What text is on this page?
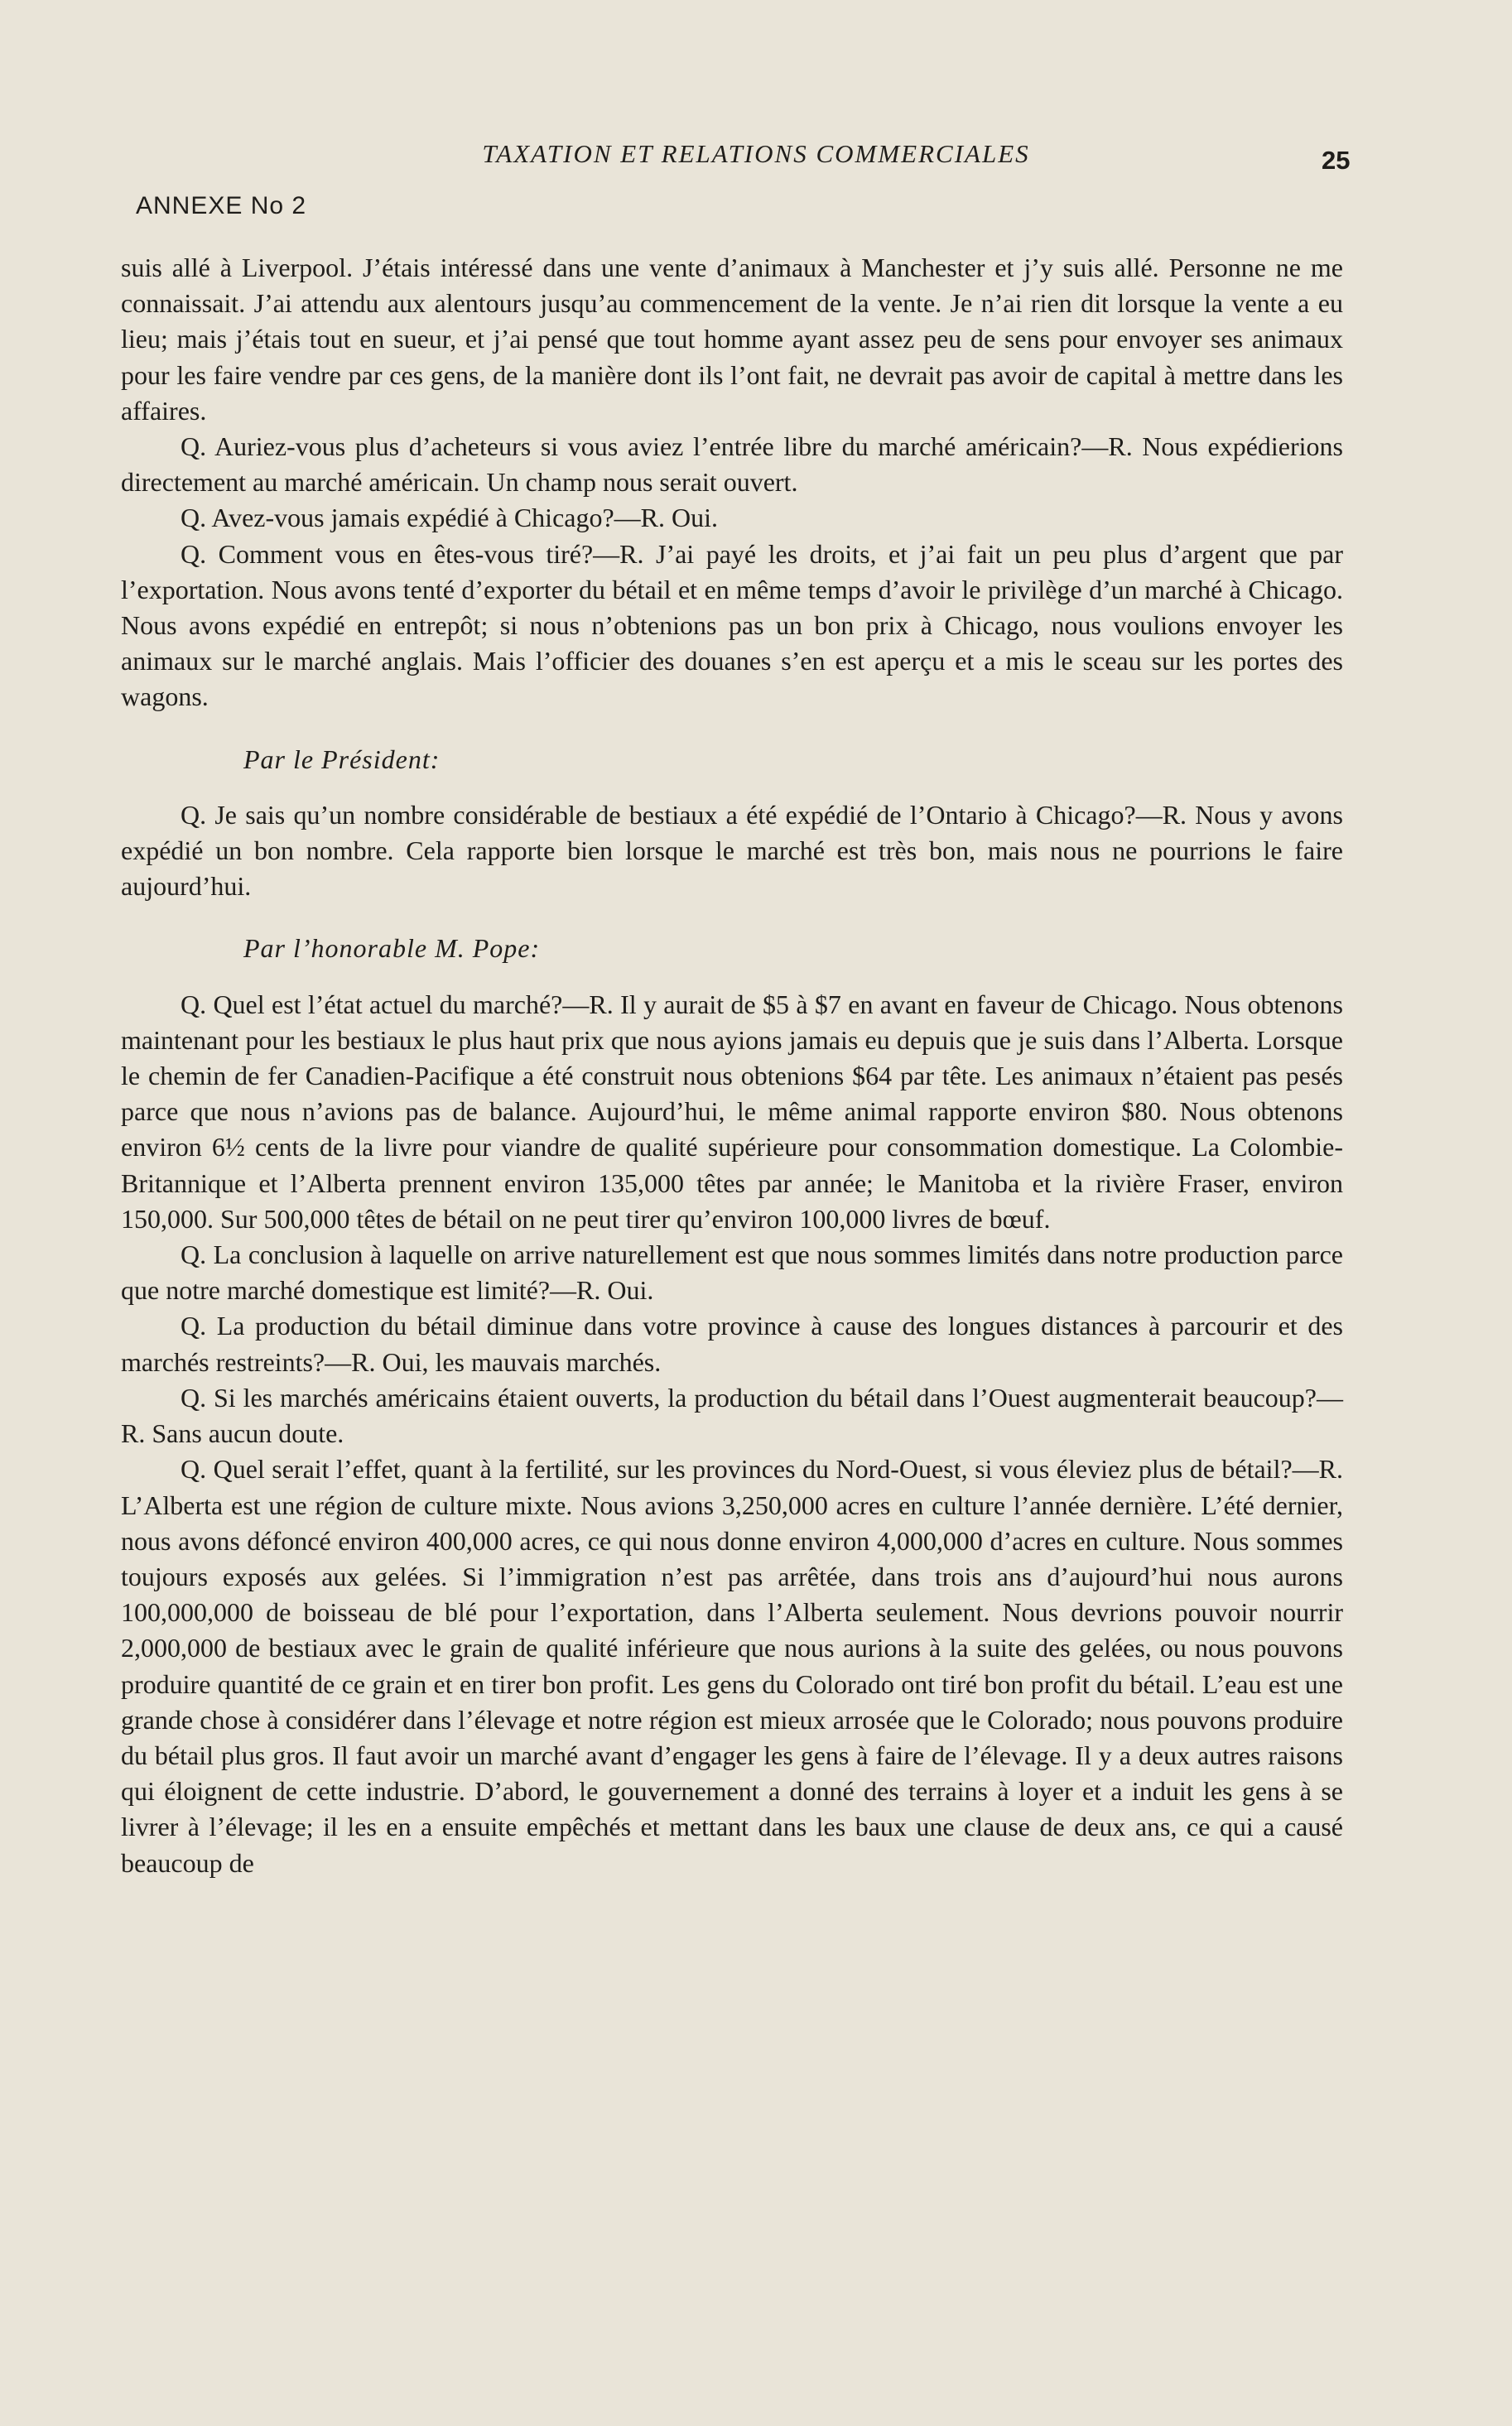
TAXATION ET RELATIONS COMMERCIALES	25
ANNEXE No 2

suis allé à Liverpool. J’étais intéressé dans une vente d’animaux à Manchester et j’y suis allé. Personne ne me connaissait. J’ai attendu aux alentours jusqu’au commencement de la vente. Je n’ai rien dit lorsque la vente a eu lieu; mais j’étais tout en sueur, et j’ai pensé que tout homme ayant assez peu de sens pour envoyer ses animaux pour les faire vendre par ces gens, de la manière dont ils l’ont fait, ne devrait pas avoir de capital à mettre dans les affaires.

Q. Auriez-vous plus d’acheteurs si vous aviez l’entrée libre du marché américain?—R. Nous expédierions directement au marché américain. Un champ nous serait ouvert.

Q. Avez-vous jamais expédié à Chicago?—R. Oui.

Q. Comment vous en êtes-vous tiré?—R. J’ai payé les droits, et j’ai fait un peu plus d’argent que par l’exportation. Nous avons tenté d’exporter du bétail et en même temps d’avoir le privilège d’un marché à Chicago. Nous avons expédié en entrepôt; si nous n’obtenions pas un bon prix à Chicago, nous voulions envoyer les animaux sur le marché anglais. Mais l’officier des douanes s’en est aperçu et a mis le sceau sur les portes des wagons.

Par le Président:

Q. Je sais qu’un nombre considérable de bestiaux a été expédié de l’Ontario à Chicago?—R. Nous y avons expédié un bon nombre. Cela rapporte bien lorsque le marché est très bon, mais nous ne pourrions le faire aujourd’hui.

Par l’honorable M. Pope:

Q. Quel est l’état actuel du marché?—R. Il y aurait de $5 à $7 en avant en faveur de Chicago. Nous obtenons maintenant pour les bestiaux le plus haut prix que nous ayions jamais eu depuis que je suis dans l’Alberta. Lorsque le chemin de fer Canadien-Pacifique a été construit nous obtenions $64 par tête. Les animaux n’étaient pas pesés parce que nous n’avions pas de balance. Aujourd’hui, le même animal rapporte environ $80. Nous obtenons environ 6½ cents de la livre pour viandre de qualité supérieure pour consommation domestique. La Colombie-Britannique et l’Alberta prennent environ 135,000 têtes par année; le Manitoba et la rivière Fraser, environ 150,000. Sur 500,000 têtes de bétail on ne peut tirer qu’environ 100,000 livres de bœuf.

Q. La conclusion à laquelle on arrive naturellement est que nous sommes limités dans notre production parce que notre marché domestique est limité?—R. Oui.

Q. La production du bétail diminue dans votre province à cause des longues distances à parcourir et des marchés restreints?—R. Oui, les mauvais marchés.

Q. Si les marchés américains étaient ouverts, la production du bétail dans l’Ouest augmenterait beaucoup?—R. Sans aucun doute.

Q. Quel serait l’effet, quant à la fertilité, sur les provinces du Nord-Ouest, si vous éleviez plus de bétail?—R. L’Alberta est une région de culture mixte. Nous avions 3,250,000 acres en culture l’année dernière. L’été dernier, nous avons défoncé environ 400,000 acres, ce qui nous donne environ 4,000,000 d’acres en culture. Nous sommes toujours exposés aux gelées. Si l’immigration n’est pas arrêtée, dans trois ans d’aujourd’hui nous aurons 100,000,000 de boisseau de blé pour l’exportation, dans l’Alberta seulement. Nous devrions pouvoir nourrir 2,000,000 de bestiaux avec le grain de qualité inférieure que nous aurions à la suite des gelées, ou nous pouvons produire quantité de ce grain et en tirer bon profit. Les gens du Colorado ont tiré bon profit du bétail. L’eau est une grande chose à considérer dans l’élevage et notre région est mieux arrosée que le Colorado; nous pouvons produire du bétail plus gros. Il faut avoir un marché avant d’engager les gens à faire de l’élevage. Il y a deux autres raisons qui éloignent de cette industrie. D’abord, le gouvernement a donné des terrains à loyer et a induit les gens à se livrer à l’élevage; il les en a ensuite empêchés et mettant dans les baux une clause de deux ans, ce qui a causé beaucoup de
